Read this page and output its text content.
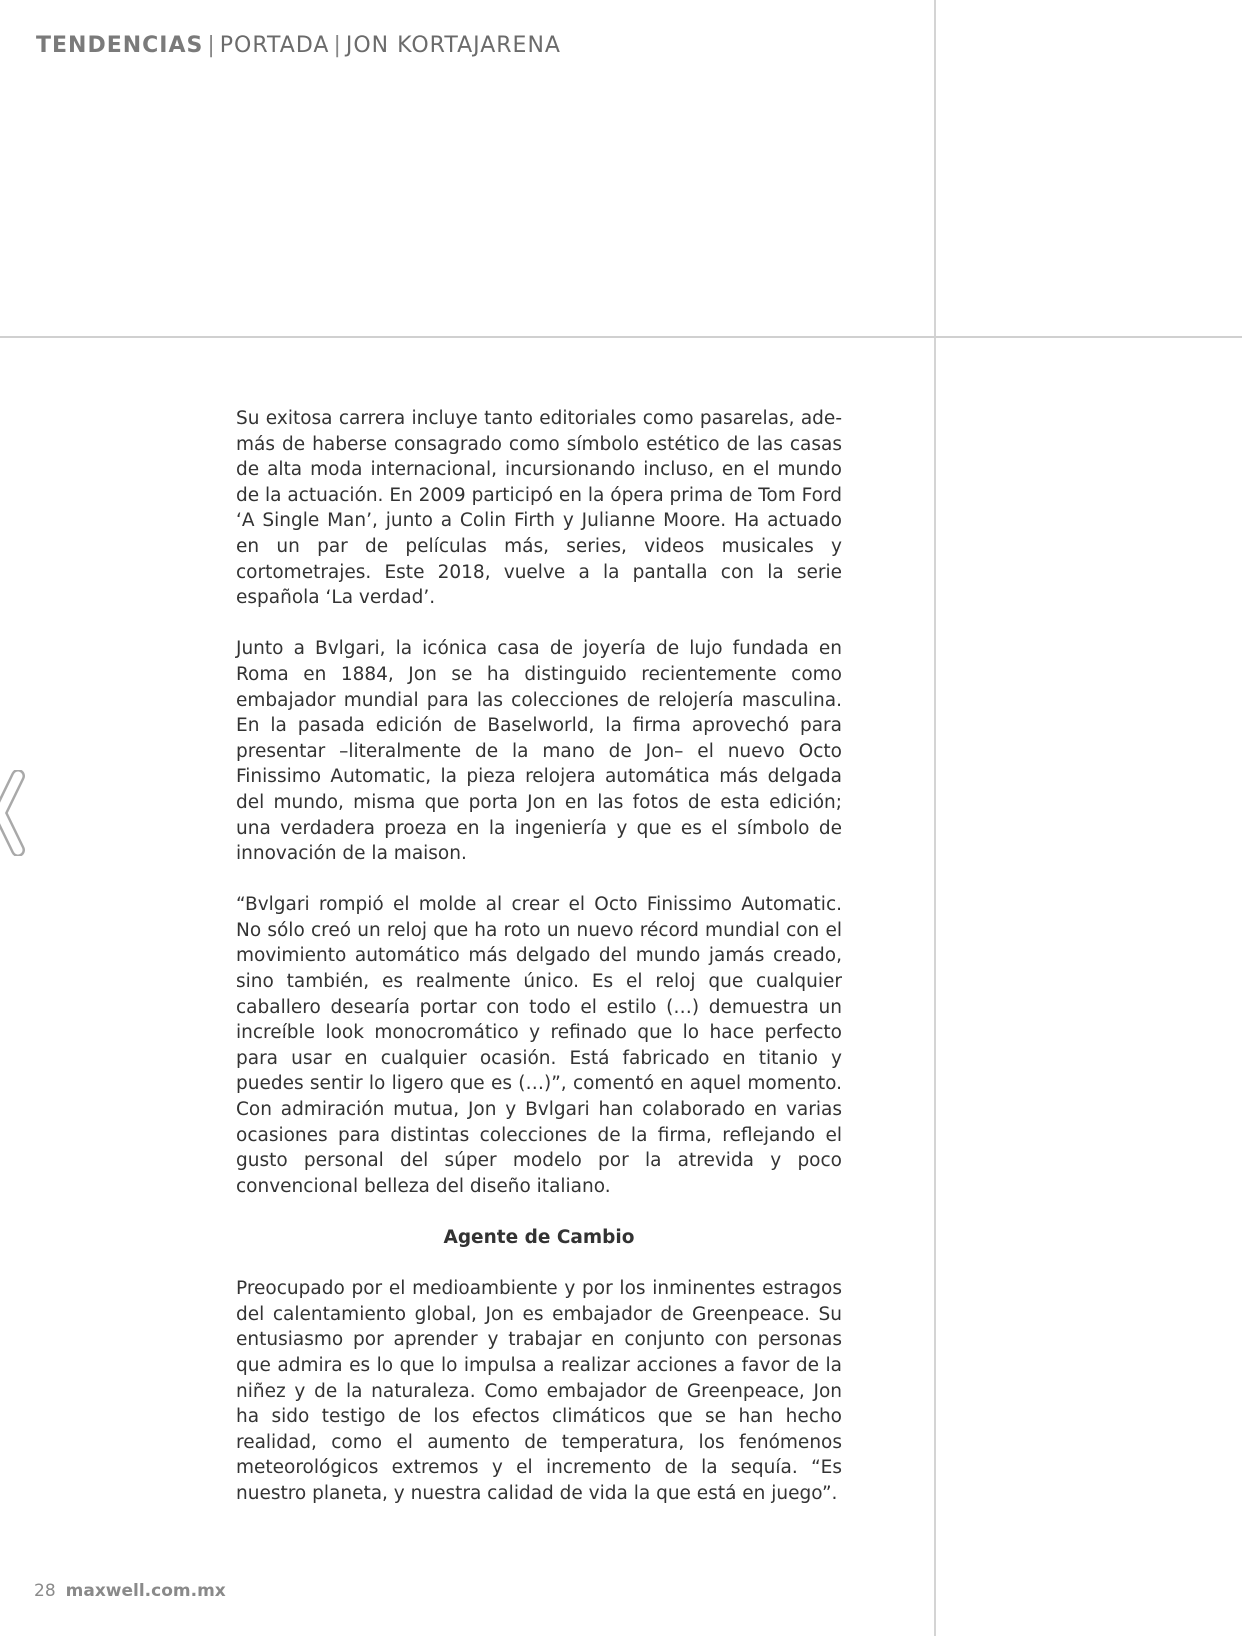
TENDENCIAS | PORTADA | JON KORTAJARENA

Su exitosa carrera incluye tanto editoriales como pasarelas, además de haberse consagrado como símbolo estético de las casas de alta moda internacional, incursionando incluso, en el mundo de la actuación. En 2009 participó en la ópera prima de Tom Ford ‘A Single Man’, junto a Colin Firth y Julianne Moore. Ha actuado en un par de películas más, series, videos musicales y cortometrajes. Este 2018, vuelve a la pantalla con la serie española ‘La verdad’.

Junto a Bvlgari, la icónica casa de joyería de lujo fundada en Roma en 1884, Jon se ha distinguido recientemente como embajador mundial para las colecciones de relojería masculina. En la pasada edición de Baselworld, la firma aprovechó para presentar –literalmente de la mano de Jon– el nuevo Octo Finissimo Automatic, la pieza relojera automática más delgada del mundo, misma que porta Jon en las fotos de esta edición; una verdadera proeza en la ingeniería y que es el símbolo de innovación de la maison.

“Bvlgari rompió el molde al crear el Octo Finissimo Automatic. No sólo creó un reloj que ha roto un nuevo récord mundial con el movimiento automático más delgado del mundo jamás creado, sino también, es realmente único. Es el reloj que cualquier caballero desearía portar con todo el estilo (…) demuestra un increíble look monocromático y refinado que lo hace perfecto para usar en cualquier ocasión. Está fabricado en titanio y puedes sentir lo ligero que es (…)”, comentó en aquel momento. Con admiración mutua, Jon y Bvlgari han colaborado en varias ocasiones para distintas colecciones de la firma, reflejando el gusto personal del súper modelo por la atrevida y poco convencional belleza del diseño italiano.

Agente de Cambio

Preocupado por el medioambiente y por los inminentes estragos del calentamiento global, Jon es embajador de Greenpeace. Su entusiasmo por aprender y trabajar en conjunto con personas que admira es lo que lo impulsa a realizar acciones a favor de la niñez y de la naturaleza. Como embajador de Greenpeace, Jon ha sido testigo de los efectos climáticos que se han hecho realidad, como el aumento de temperatura, los fenómenos meteorológicos extremos y el incremento de la sequía. “Es nuestro planeta, y nuestra calidad de vida la que está en juego”.

28 maxwell.com.mx
